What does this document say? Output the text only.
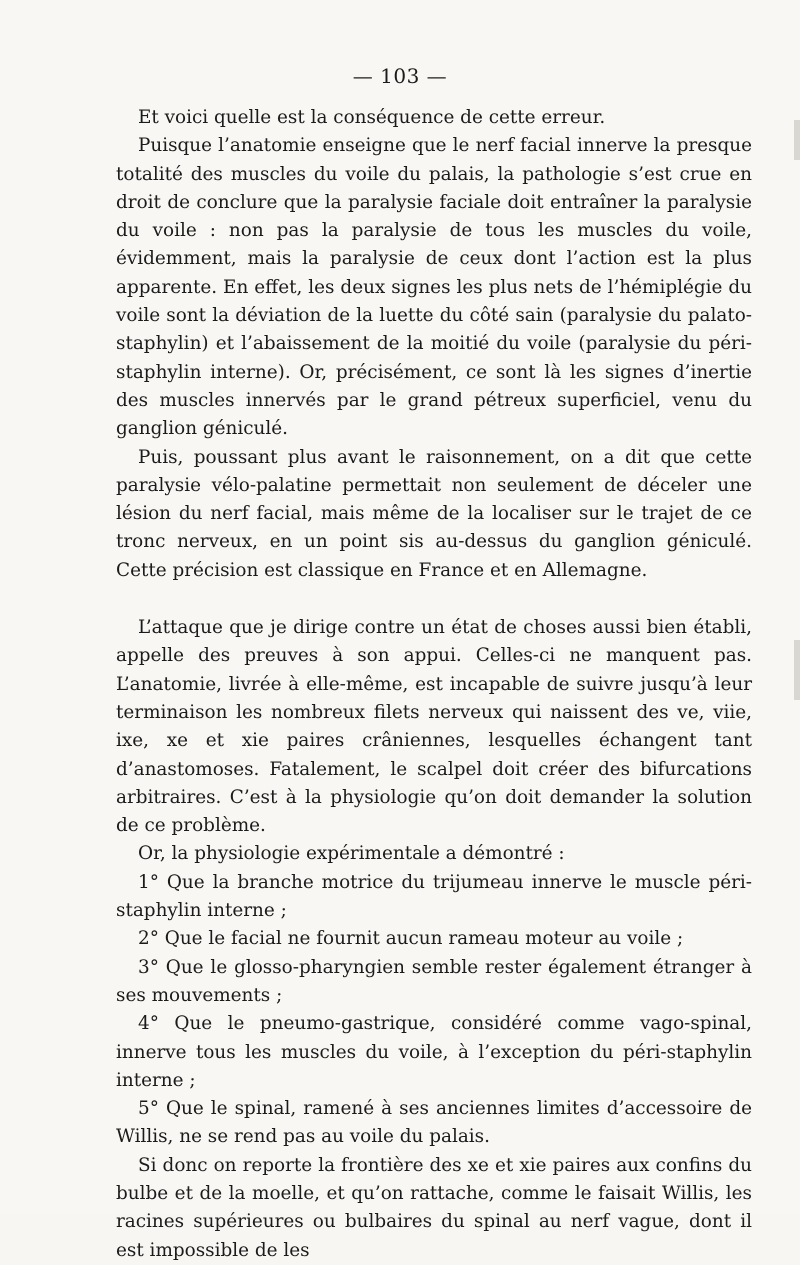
— 103 —

Et voici quelle est la conséquence de cette erreur.

Puisque l’anatomie enseigne que le nerf facial innerve la presque totalité des muscles du voile du palais, la pathologie s’est crue en droit de conclure que la paralysie faciale doit entraîner la paralysie du voile : non pas la paralysie de tous les muscles du voile, évidemment, mais la paralysie de ceux dont l’action est la plus apparente. En effet, les deux signes les plus nets de l’hémiplégie du voile sont la déviation de la luette du côté sain (paralysie du palato-staphylin) et l’abaissement de la moitié du voile (paralysie du péri-staphylin interne). Or, précisément, ce sont là les signes d’inertie des muscles innervés par le grand pétreux superficiel, venu du ganglion géniculé.

Puis, poussant plus avant le raisonnement, on a dit que cette paralysie vélo-palatine permettait non seulement de déceler une lésion du nerf facial, mais même de la localiser sur le trajet de ce tronc nerveux, en un point sis au-dessus du ganglion géniculé. Cette précision est classique en France et en Allemagne.

L’attaque que je dirige contre un état de choses aussi bien établi, appelle des preuves à son appui. Celles-ci ne manquent pas. L’anatomie, livrée à elle-même, est incapable de suivre jusqu’à leur terminaison les nombreux filets nerveux qui naissent des ve, viie, ixe, xe et xie paires crâniennes, lesquelles échangent tant d’anastomoses. Fatalement, le scalpel doit créer des bifurcations arbitraires. C’est à la physiologie qu’on doit demander la solution de ce problème.

Or, la physiologie expérimentale a démontré :

1° Que la branche motrice du trijumeau innerve le muscle péri-staphylin interne ;

2° Que le facial ne fournit aucun rameau moteur au voile ;

3° Que le glosso-pharyngien semble rester également étranger à ses mouvements ;

4° Que le pneumo-gastrique, considéré comme vago-spinal, innerve tous les muscles du voile, à l’exception du péri-staphylin interne ;

5° Que le spinal, ramené à ses anciennes limites d’accessoire de Willis, ne se rend pas au voile du palais.

Si donc on reporte la frontière des xe et xie paires aux confins du bulbe et de la moelle, et qu’on rattache, comme le faisait Willis, les racines supérieures ou bulbaires du spinal au nerf vague, dont il est impossible de les
